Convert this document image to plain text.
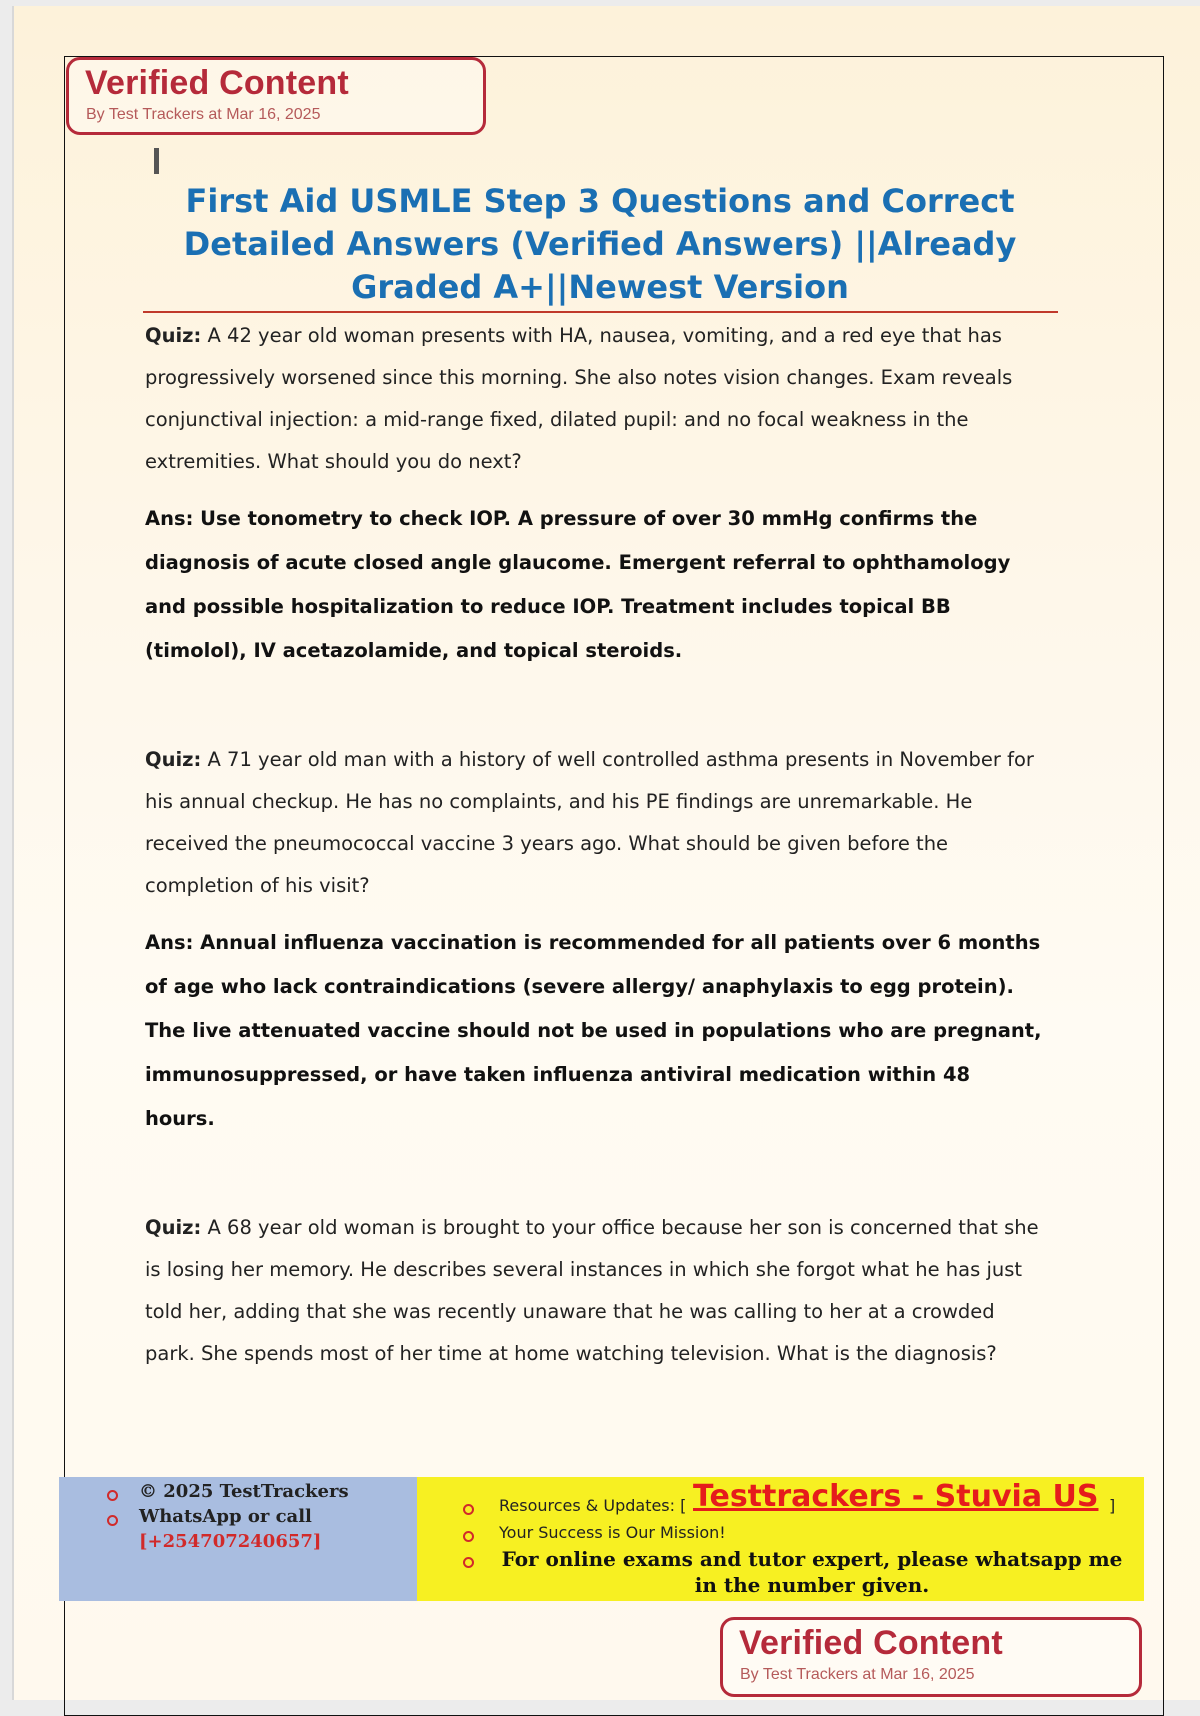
Verified Content
By Test Trackers at Mar 16, 2025
First Aid USMLE Step 3 Questions and Correct Detailed Answers (Verified Answers) ||Already Graded A+||Newest Version

Quiz: A 42 year old woman presents with HA, nausea, vomiting, and a red eye that has progressively worsened since this morning. She also notes vision changes. Exam reveals conjunctival injection: a mid-range fixed, dilated pupil: and no focal weakness in the extremities. What should you do next?

Ans: Use tonometry to check IOP. A pressure of over 30 mmHg confirms the diagnosis of acute closed angle glaucome. Emergent referral to ophthamology and possible hospitalization to reduce IOP. Treatment includes topical BB (timolol), IV acetazolamide, and topical steroids.

Quiz: A 71 year old man with a history of well controlled asthma presents in November for his annual checkup. He has no complaints, and his PE findings are unremarkable. He received the pneumococcal vaccine 3 years ago. What should be given before the completion of his visit?

Ans: Annual influenza vaccination is recommended for all patients over 6 months of age who lack contraindications (severe allergy/ anaphylaxis to egg protein). The live attenuated vaccine should not be used in populations who are pregnant, immunosuppressed, or have taken influenza antiviral medication within 48 hours.

Quiz: A 68 year old woman is brought to your office because her son is concerned that she is losing her memory. He describes several instances in which she forgot what he has just told her, adding that she was recently unaware that he was calling to her at a crowded park. She spends most of her time at home watching television. What is the diagnosis?

© 2025 TestTrackers
WhatsApp or call
[+254707240657]
Resources & Updates: [ Testtrackers - Stuvia US ]
Your Success is Our Mission!
For online exams and tutor expert, please whatsapp me in the number given.
Verified Content
By Test Trackers at Mar 16, 2025
